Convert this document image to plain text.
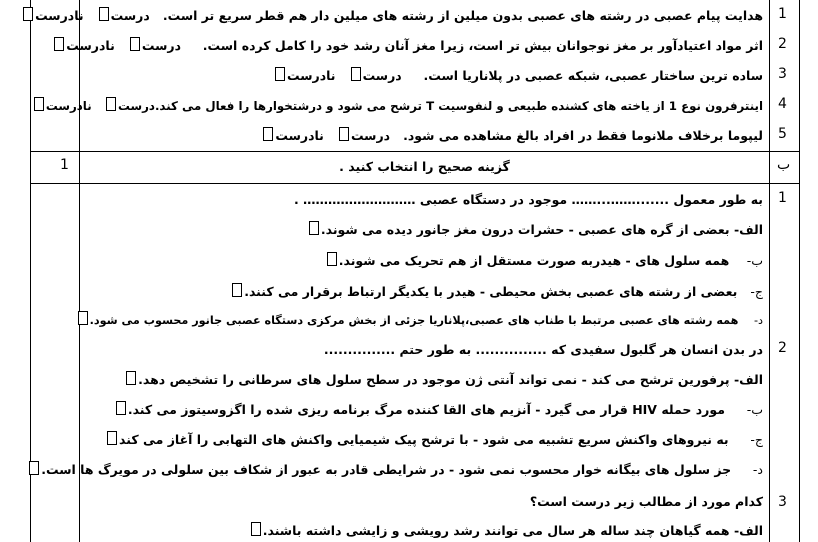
1
2
3
4
5
هدایت پیام عصبی در رشته های عصبی بدون میلین از رشته های میلین دار هم قطر سریع تر است.   درست   نادرست
اثر مواد اعتیادآور بر مغز نوجوانان بیش تر است، زیرا مغز آنان رشد خود را کامل کرده است.     درست   نادرست
ساده ترین ساختار عصبی، شبکه عصبی در پلاناریا است.     درست   نادرست
اینترفرون نوع 1 از یاخته های کشنده طبیعی و لنفوسیت T ترشح می شود و درشتخوارها را فعال می کند.درست   نادرست
لیپوما برخلاف ملانوما فقط در افراد بالغ مشاهده می شود.   درست   نادرست
ب
گزینه صحیح را انتخاب کنید .
1
1
به طور معمول .......……...…… موجود در دستگاه عصبی ……………………… .
الف- بعضی از گره های عصبی - حشرات درون مغز جانور دیده می شوند.
ب-    همه سلول های - هیدربه صورت مستقل از هم تحریک می شوند.
ج-   بعضی از رشته های عصبی بخش محیطی - هیدر با یکدیگر ارتباط برقرار می کنند.
د-    همه رشته های عصبی مرتبط با طناب های عصبی،پلاناریا جزئی از بخش مرکزی دستگاه عصبی جانور محسوب می شود.
2
در بدن انسان هر گلبول سفیدی که ............... به طور حتم ...............
الف- پرفورین ترشح می کند - نمی تواند آنتی ژن موجود در سطح سلول های سرطانی را تشخیص دهد.
ب-     مورد حمله HIV قرار می گیرد - آنزیم های القا کننده مرگ برنامه ریزی شده را اگزوسیتوز می کند.
ج-     به نیروهای واکنش سریع تشبیه می شود - با ترشح پیک شیمیایی واکنش های التهابی را آغاز می کند
د-     جز سلول های بیگانه خوار محسوب نمی شود - در شرایطی قادر به عبور از شکاف بین سلولی در مویرگ ها است.
3
کدام مورد از مطالب زیر درست است؟
الف- همه گیاهان چند ساله هر سال می توانند رشد رویشی و زایشی داشته باشند.
